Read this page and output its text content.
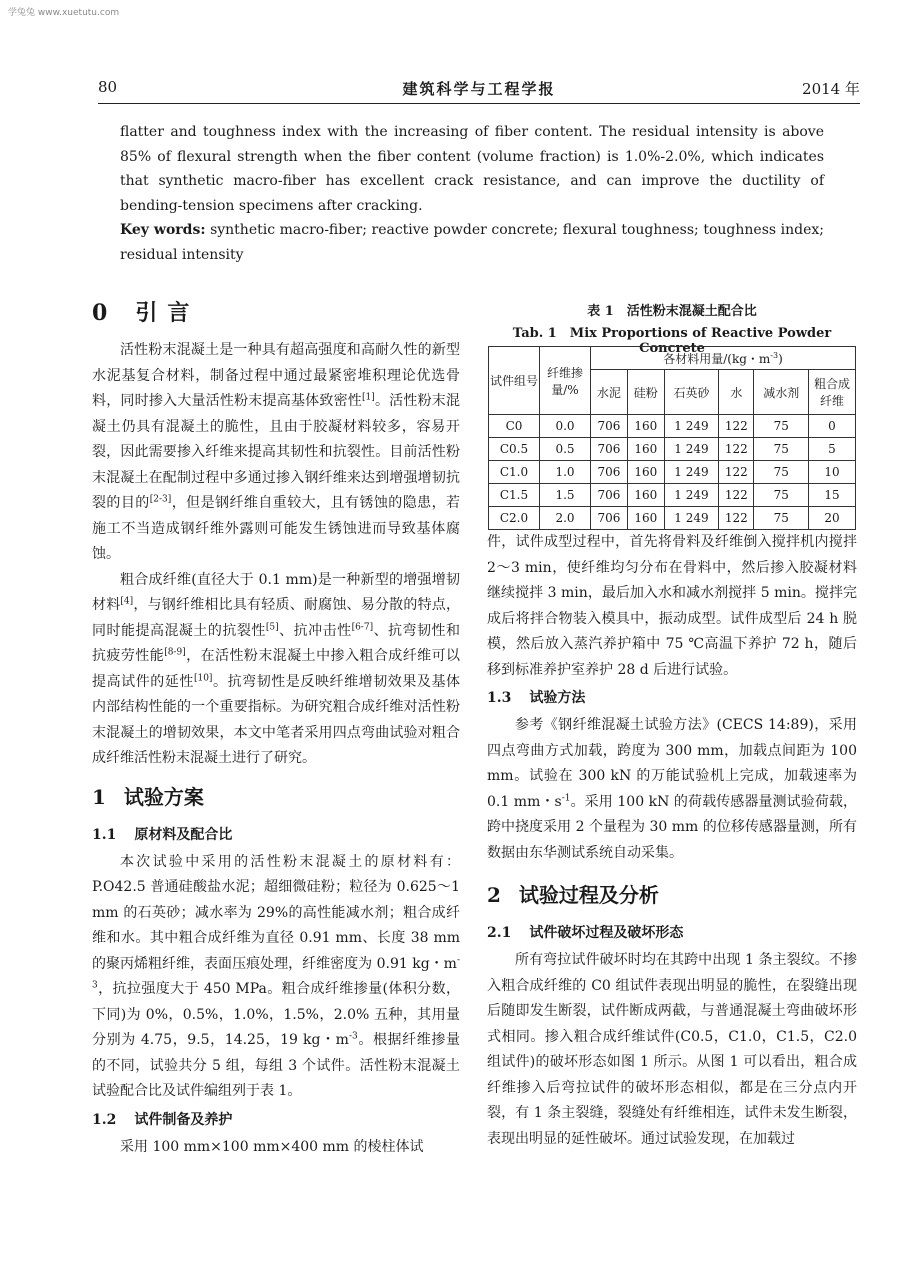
学兔兔 www.xuetutu.com
80	建筑科学与工程学报	2014 年

flatter and toughness index with the increasing of fiber content. The residual intensity is above 85% of flexural strength when the fiber content (volume fraction) is 1.0%-2.0%, which indicates that synthetic macro-fiber has excellent crack resistance, and can improve the ductility of bending-tension specimens after cracking.

Key words: synthetic macro-fiber; reactive powder concrete; flexural toughness; toughness index; residual intensity

0 引言

活性粉末混凝土是一种具有超高强度和高耐久性的新型水泥基复合材料，制备过程中通过最紧密堆积理论优选骨料，同时掺入大量活性粉末提高基体致密性[1]。活性粉末混凝土仍具有混凝土的脆性，且由于胶凝材料较多，容易开裂，因此需要掺入纤维来提高其韧性和抗裂性。目前活性粉末混凝土在配制过程中多通过掺入钢纤维来达到增强增韧抗裂的目的[2-3]，但是钢纤维自重较大，且有锈蚀的隐患，若施工不当造成钢纤维外露则可能发生锈蚀进而导致基体腐蚀。

粗合成纤维(直径大于 0.1 mm)是一种新型的增强增韧材料[4]，与钢纤维相比具有轻质、耐腐蚀、易分散的特点，同时能提高混凝土的抗裂性[5]、抗冲击性[6-7]、抗弯韧性和抗疲劳性能[8-9]，在活性粉末混凝土中掺入粗合成纤维可以提高试件的延性[10]。抗弯韧性是反映纤维增韧效果及基体内部结构性能的一个重要指标。为研究粗合成纤维对活性粉末混凝土的增韧效果，本文中笔者采用四点弯曲试验对粗合成纤维活性粉末混凝土进行了研究。

1 试验方案
1.1 原材料及配合比

本次试验中采用的活性粉末混凝土的原材料有：P.O42.5 普通硅酸盐水泥；超细微硅粉；粒径为 0.625～1 mm 的石英砂；减水率为 29%的高性能减水剂；粗合成纤维和水。其中粗合成纤维为直径 0.91 mm、长度 38 mm 的聚丙烯粗纤维，表面压痕处理，纤维密度为 0.91 kg・$m^{-3}$，抗拉强度大于 450 MPa。粗合成纤维掺量(体积分数，下同)为 0%，0.5%，1.0%，1.5%，2.0% 五种，其用量分别为 4.75，9.5，14.25，19 kg・$m^{-3}$。根据纤维掺量的不同，试验共分 5 组，每组 3 个试件。活性粉末混凝土试验配合比及试件编组列于表 1。

1.2 试件制备及养护

采用 100 mm×100 mm×400 mm 的棱柱体试

表 1　活性粉末混凝土配合比
Tab. 1　Mix Proportions of Reactive Powder Concrete
试件组号	纤维掺量/%	各材料用量/(kg・$m^{-3}$)					
		水泥	硅粉	石英砂	水	减水剂	粗合成纤维
C0	0.0	706	160	1 249	122	75	0
C0.5	0.5	706	160	1 249	122	75	5
C1.0	1.0	706	160	1 249	122	75	10
C1.5	1.5	706	160	1 249	122	75	15
C2.0	2.0	706	160	1 249	122	75	20

件，试件成型过程中，首先将骨料及纤维倒入搅拌机内搅拌 2～3 min，使纤维均匀分布在骨料中，然后掺入胶凝材料继续搅拌 3 min，最后加入水和减水剂搅拌 5 min。搅拌完成后将拌合物装入模具中，振动成型。试件成型后 24 h 脱模，然后放入蒸汽养护箱中 75 ℃高温下养护 72 h，随后移到标准养护室养护 28 d 后进行试验。

1.3 试验方法

参考《钢纤维混凝土试验方法》(CECS 14:89)，采用四点弯曲方式加载，跨度为 300 mm，加载点间距为 100 mm。试验在 300 kN 的万能试验机上完成，加载速率为 0.1 mm・$s^{-1}$。采用 100 kN 的荷载传感器量测试验荷载，跨中挠度采用 2 个量程为 30 mm 的位移传感器量测，所有数据由东华测试系统自动采集。

2 试验过程及分析
2.1 试件破坏过程及破坏形态

所有弯拉试件破坏时均在其跨中出现 1 条主裂纹。不掺入粗合成纤维的 C0 组试件表现出明显的脆性，在裂缝出现后随即发生断裂，试件断成两截，与普通混凝土弯曲破坏形式相同。掺入粗合成纤维试件(C0.5，C1.0，C1.5，C2.0 组试件)的破坏形态如图 1 所示。从图 1 可以看出，粗合成纤维掺入后弯拉试件的破坏形态相似，都是在三分点内开裂，有 1 条主裂缝，裂缝处有纤维相连，试件未发生断裂，表现出明显的延性破坏。通过试验发现，在加载过
